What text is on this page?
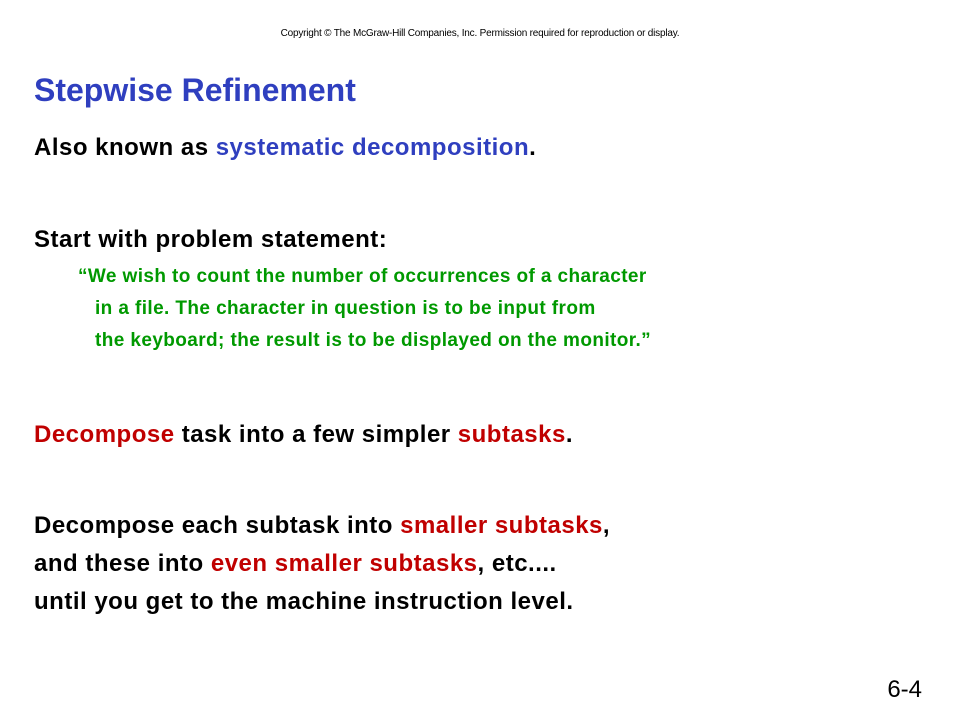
Copyright © The McGraw-Hill Companies, Inc. Permission required for reproduction or display.
Stepwise Refinement
Also known as systematic decomposition.
Start with problem statement:
“We wish to count the number of occurrences of a character
in a file. The character in question is to be input from
the keyboard; the result is to be displayed on the monitor.”
Decompose task into a few simpler subtasks.
Decompose each subtask into smaller subtasks,
and these into even smaller subtasks, etc....
until you get to the machine instruction level.
6-4
